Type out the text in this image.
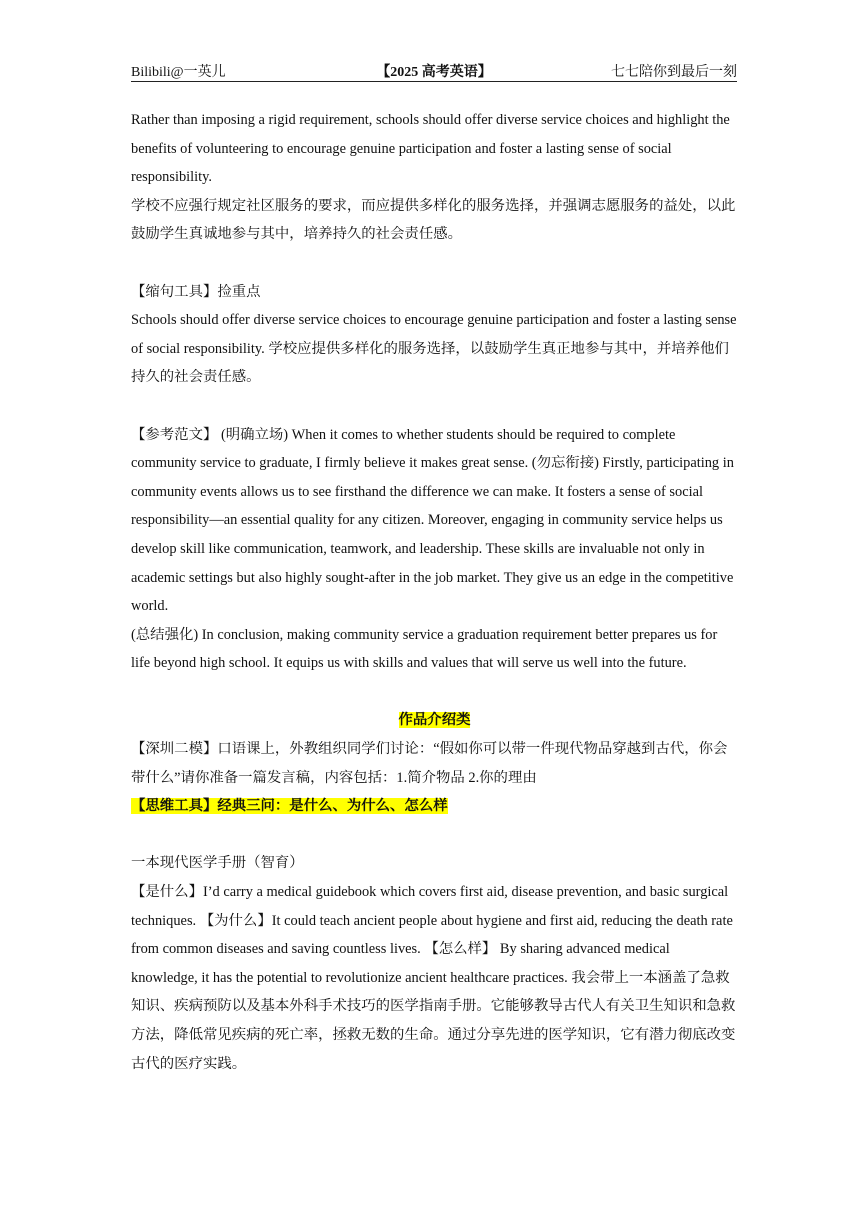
Bilibili@一英儿	【2025 高考英语】	七七陪你到最后一刻

Rather than imposing a rigid requirement, schools should offer diverse service choices and highlight the benefits of volunteering to encourage genuine participation and foster a lasting sense of social responsibility.

学校不应强行规定社区服务的要求，而应提供多样化的服务选择，并强调志愿服务的益处，以此鼓励学生真诚地参与其中，培养持久的社会责任感。

【缩句工具】捡重点

Schools should offer diverse service choices to encourage genuine participation and foster a lasting sense of social responsibility. 学校应提供多样化的服务选择，以鼓励学生真正地参与其中，并培养他们持久的社会责任感。

【参考范文】 (明确立场) When it comes to whether students should be required to complete community service to graduate, I firmly believe it makes great sense. (勿忘衔接) Firstly, participating in community events allows us to see firsthand the difference we can make. It fosters a sense of social responsibility—an essential quality for any citizen. Moreover, engaging in community service helps us develop skill like communication, teamwork, and leadership. These skills are invaluable not only in academic settings but also highly sought-after in the job market. They give us an edge in the competitive world.

(总结强化) In conclusion, making community service a graduation requirement better prepares us for life beyond high school. It equips us with skills and values that will serve us well into the future.

作品介绍类

【深圳二模】口语课上，外教组织同学们讨论：“假如你可以带一件现代物品穿越到古代，你会带什么”请你准备一篇发言稿，内容包括：1.简介物品 2.你的理由

【思维工具】经典三问：是什么、为什么、怎么样

一本现代医学手册（智育）

【是什么】I’d carry a medical guidebook which covers first aid, disease prevention, and basic surgical techniques. 【为什么】It could teach ancient people about hygiene and first aid, reducing the death rate from common diseases and saving countless lives. 【怎么样】 By sharing advanced medical knowledge, it has the potential to revolutionize ancient healthcare practices. 我会带上一本涵盖了急救知识、疾病预防以及基本外科手术技巧的医学指南手册。它能够教导古代人有关卫生知识和急救方法，降低常见疾病的死亡率，拯救无数的生命。通过分享先进的医学知识，它有潜力彻底改变古代的医疗实践。
